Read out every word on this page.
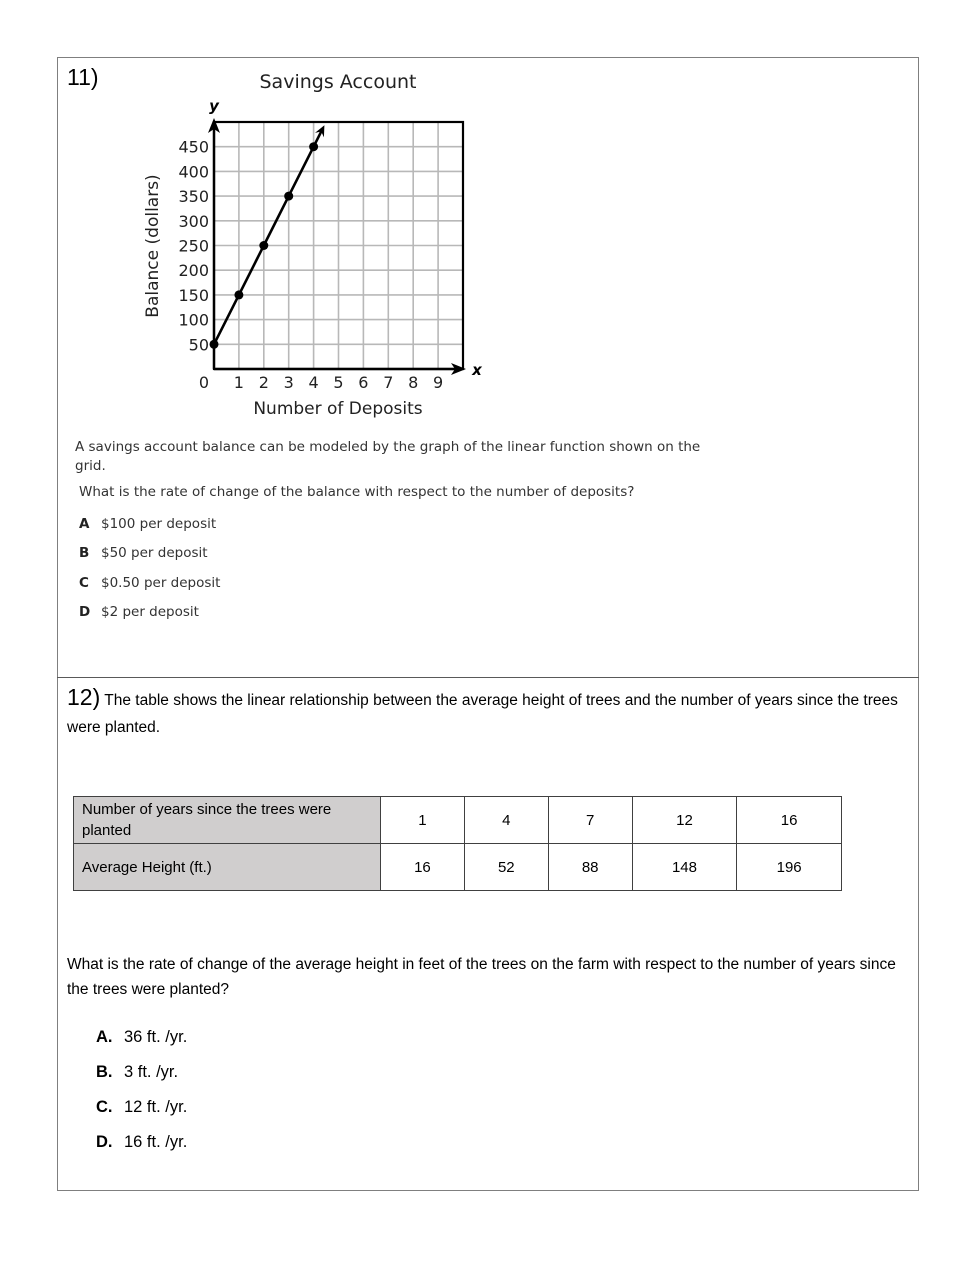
11)	Savings Account
y
x
50
100
150
200
250
300
350
400
450
0 1 2 3 4 5 6 7 8 9
Number of Deposits
Balance (dollars)
A savings account balance can be modeled by the graph of the linear function shown on the grid.
What is the rate of change of the balance with respect to the number of deposits?
A $100 per deposit
B $50 per deposit
C $0.50 per deposit
D $2 per deposit
12) The table shows the linear relationship between the average height of trees and the number of years since the trees were planted.
Number of years since the trees were planted	1	4	7	12	16
Average Height (ft.)	16	52	88	148	196
What is the rate of change of the average height in feet of the trees on the farm with respect to the number of years since the trees were planted?
A. 36 ft. /yr.
B. 3 ft. /yr.
C. 12 ft. /yr.
D. 16 ft. /yr.
